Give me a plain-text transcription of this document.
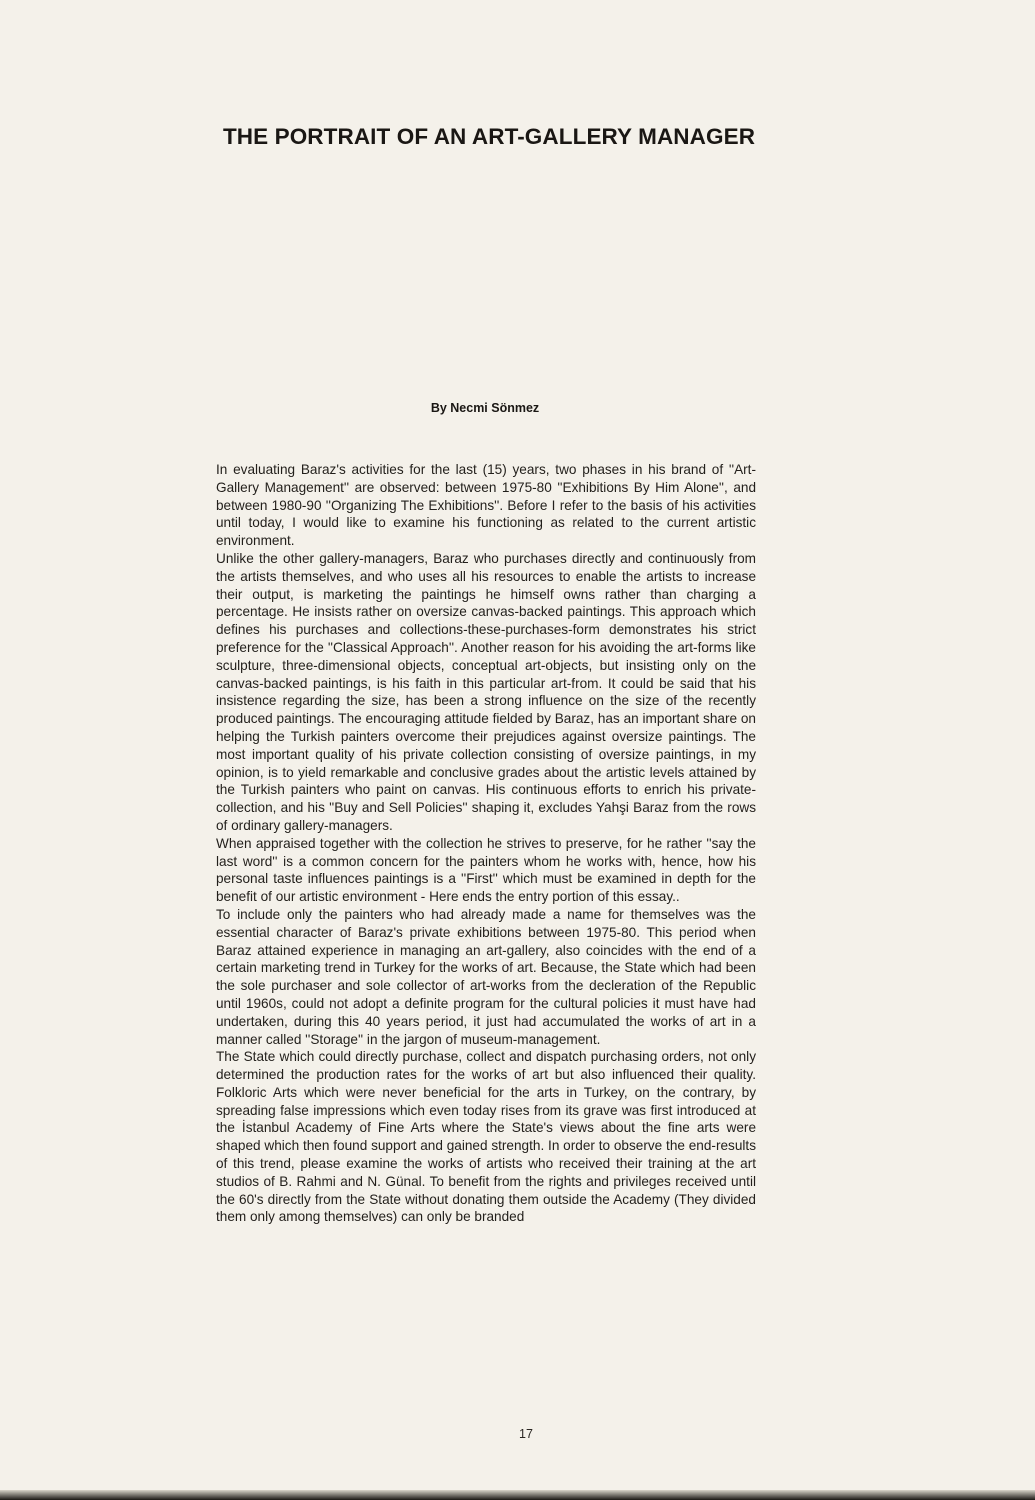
THE PORTRAIT OF AN ART-GALLERY MANAGER
By Necmi Sönmez

In evaluating Baraz's activities for the last (15) years, two phases in his brand of ''Art-Gallery Management'' are observed: between 1975-80 ''Exhibitions By Him Alone'', and between 1980-90 ''Organizing The Exhibitions''. Before I refer to the basis of his activities until today, I would like to examine his functioning as related to the current artistic environment.

Unlike the other gallery-managers, Baraz who purchases directly and continuously from the artists themselves, and who uses all his resources to enable the artists to increase their output, is marketing the paintings he himself owns rather than charging a percentage. He insists rather on oversize canvas-backed paintings. This approach which defines his purchases and collections-these-purchases-form demonstrates his strict preference for the ''Classical Approach''. Another reason for his avoiding the art-forms like sculpture, three-dimensional objects, conceptual art-objects, but insisting only on the canvas-backed paintings, is his faith in this particular art-from. It could be said that his insistence regarding the size, has been a strong influence on the size of the recently produced paintings. The encouraging attitude fielded by Baraz, has an important share on helping the Turkish painters overcome their prejudices against oversize paintings. The most important quality of his private collection consisting of oversize paintings, in my opinion, is to yield remarkable and conclusive grades about the artistic levels attained by the Turkish painters who paint on canvas. His continuous efforts to enrich his private-collection, and his ''Buy and Sell Policies'' shaping it, excludes Yahşi Baraz from the rows of ordinary gallery-managers.

When appraised together with the collection he strives to preserve, for he rather ''say the last word'' is a common concern for the painters whom he works with, hence, how his personal taste influences paintings is a ''First'' which must be examined in depth for the benefit of our artistic environment - Here ends the entry portion of this essay..

To include only the painters who had already made a name for themselves was the essential character of Baraz's private exhibitions between 1975-80. This period when Baraz attained experience in managing an art-gallery, also coincides with the end of a certain marketing trend in Turkey for the works of art. Because, the State which had been the sole purchaser and sole collector of art-works from the decleration of the Republic until 1960s, could not adopt a definite program for the cultural policies it must have had undertaken, during this 40 years period, it just had accumulated the works of art in a manner called ''Storage'' in the jargon of museum-management.

The State which could directly purchase, collect and dispatch purchasing orders, not only determined the production rates for the works of art but also influenced their quality. Folkloric Arts which were never beneficial for the arts in Turkey, on the contrary, by spreading false impressions which even today rises from its grave was first introduced at the İstanbul Academy of Fine Arts where the State's views about the fine arts were shaped which then found support and gained strength. In order to observe the end-results of this trend, please examine the works of artists who received their training at the art studios of B. Rahmi and N. Günal. To benefit from the rights and privileges received until the 60's directly from the State without donating them outside the Academy (They divided them only among themselves) can only be branded

17
